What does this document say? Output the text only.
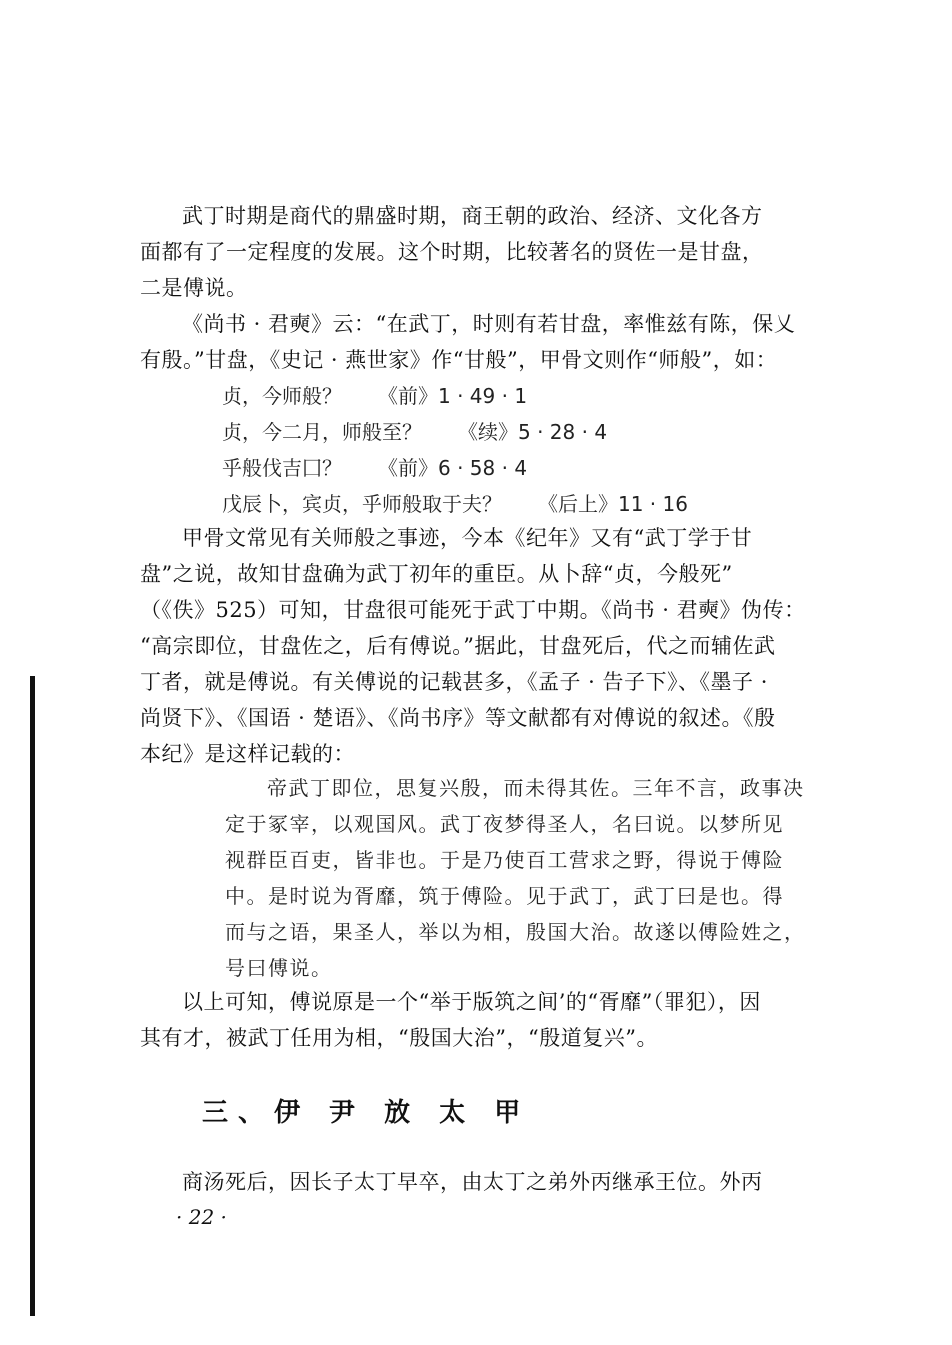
武丁时期是商代的鼎盛时期，商王朝的政治、经济、文化各方
面都有了一定程度的发展。这个时期，比较著名的贤佐一是甘盘，
二是傅说。
《尚书 · 君奭》云：“在武丁，时则有若甘盘，率惟兹有陈，保乂
有殷。”甘盘，《史记 · 燕世家》作“甘般”，甲骨文则作“师般”，如：
贞，今师般？ 《前》1 · 49 · 1
贞，今二月，师般至？ 《续》5 · 28 · 4
乎般伐吉囗？ 《前》6 · 58 · 4
戊辰卜，宾贞，乎师般取于夫？ 《后上》11 · 16
甲骨文常见有关师般之事迹，今本《纪年》又有“武丁学于甘
盘”之说，故知甘盘确为武丁初年的重臣。从卜辞“贞，今般死”
（《佚》525）可知，甘盘很可能死于武丁中期。《尚书 · 君奭》伪传：
“高宗即位，甘盘佐之，后有傅说。”据此，甘盘死后，代之而辅佐武
丁者，就是傅说。有关傅说的记载甚多，《孟子 · 告子下》、《墨子 ·
尚贤下》、《国语 · 楚语》、《尚书序》等文献都有对傅说的叙述。《殷
本纪》是这样记载的：
帝武丁即位，思复兴殷，而未得其佐。三年不言，政事决
定于冢宰，以观国风。武丁夜梦得圣人，名曰说。以梦所见
视群臣百吏，皆非也。于是乃使百工营求之野，得说于傅险
中。是时说为胥靡，筑于傅险。见于武丁，武丁曰是也。得
而与之语，果圣人，举以为相，殷国大治。故遂以傅险姓之，
号曰傅说。
以上可知，傅说原是一个“举于版筑之间’的“胥靡”（罪犯），因
其有才，被武丁任用为相，“殷国大治”，“殷道复兴”。
三、伊 尹 放 太 甲
商汤死后，因长子太丁早卒，由太丁之弟外丙继承王位。外丙
· 22 ·
